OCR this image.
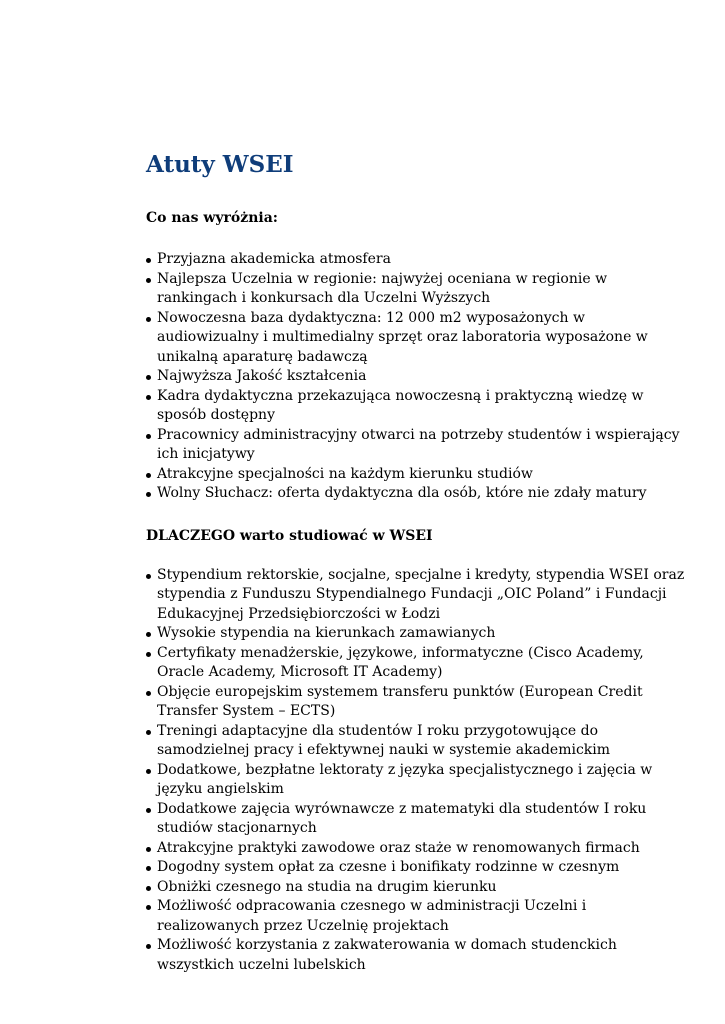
Atuty WSEI
Co nas wyróżnia:
Przyjazna akademicka atmosfera
Najlepsza Uczelnia w regionie: najwyżej oceniana w regionie w rankingach i konkursach dla Uczelni Wyższych
Nowoczesna baza dydaktyczna: 12 000 m2 wyposażonych w audiowizualny i multimedialny sprzęt oraz laboratoria wyposażone w unikalną aparaturę badawczą
Najwyższa Jakość kształcenia
Kadra dydaktyczna przekazująca nowoczesną i praktyczną wiedzę w sposób dostępny
Pracownicy administracyjny otwarci na potrzeby studentów i wspierający ich inicjatywy
Atrakcyjne specjalności na każdym kierunku studiów
Wolny Słuchacz: oferta dydaktyczna dla osób, które nie zdały matury
DLACZEGO warto studiować w WSEI
Stypendium rektorskie, socjalne, specjalne i kredyty, stypendia WSEI oraz stypendia z Funduszu Stypendialnego Fundacji „OIC Poland” i Fundacji Edukacyjnej Przedsiębiorczości w Łodzi
Wysokie stypendia na kierunkach zamawianych
Certyfikaty menadżerskie, językowe, informatyczne (Cisco Academy, Oracle Academy, Microsoft IT Academy)
Objęcie europejskim systemem transferu punktów (European Credit Transfer System – ECTS)
Treningi adaptacyjne dla studentów I roku przygotowujące do samodzielnej pracy i efektywnej nauki w systemie akademickim
Dodatkowe, bezpłatne lektoraty z języka specjalistycznego i zajęcia w języku angielskim
Dodatkowe zajęcia wyrównawcze z matematyki dla studentów I roku studiów stacjonarnych
Atrakcyjne praktyki zawodowe oraz staże w renomowanych firmach
Dogodny system opłat za czesne i bonifikaty rodzinne w czesnym
Obniżki czesnego na studia na drugim kierunku
Możliwość odpracowania czesnego w administracji Uczelni i realizowanych przez Uczelnię projektach
Możliwość korzystania z zakwaterowania w domach studenckich wszystkich uczelni lubelskich
